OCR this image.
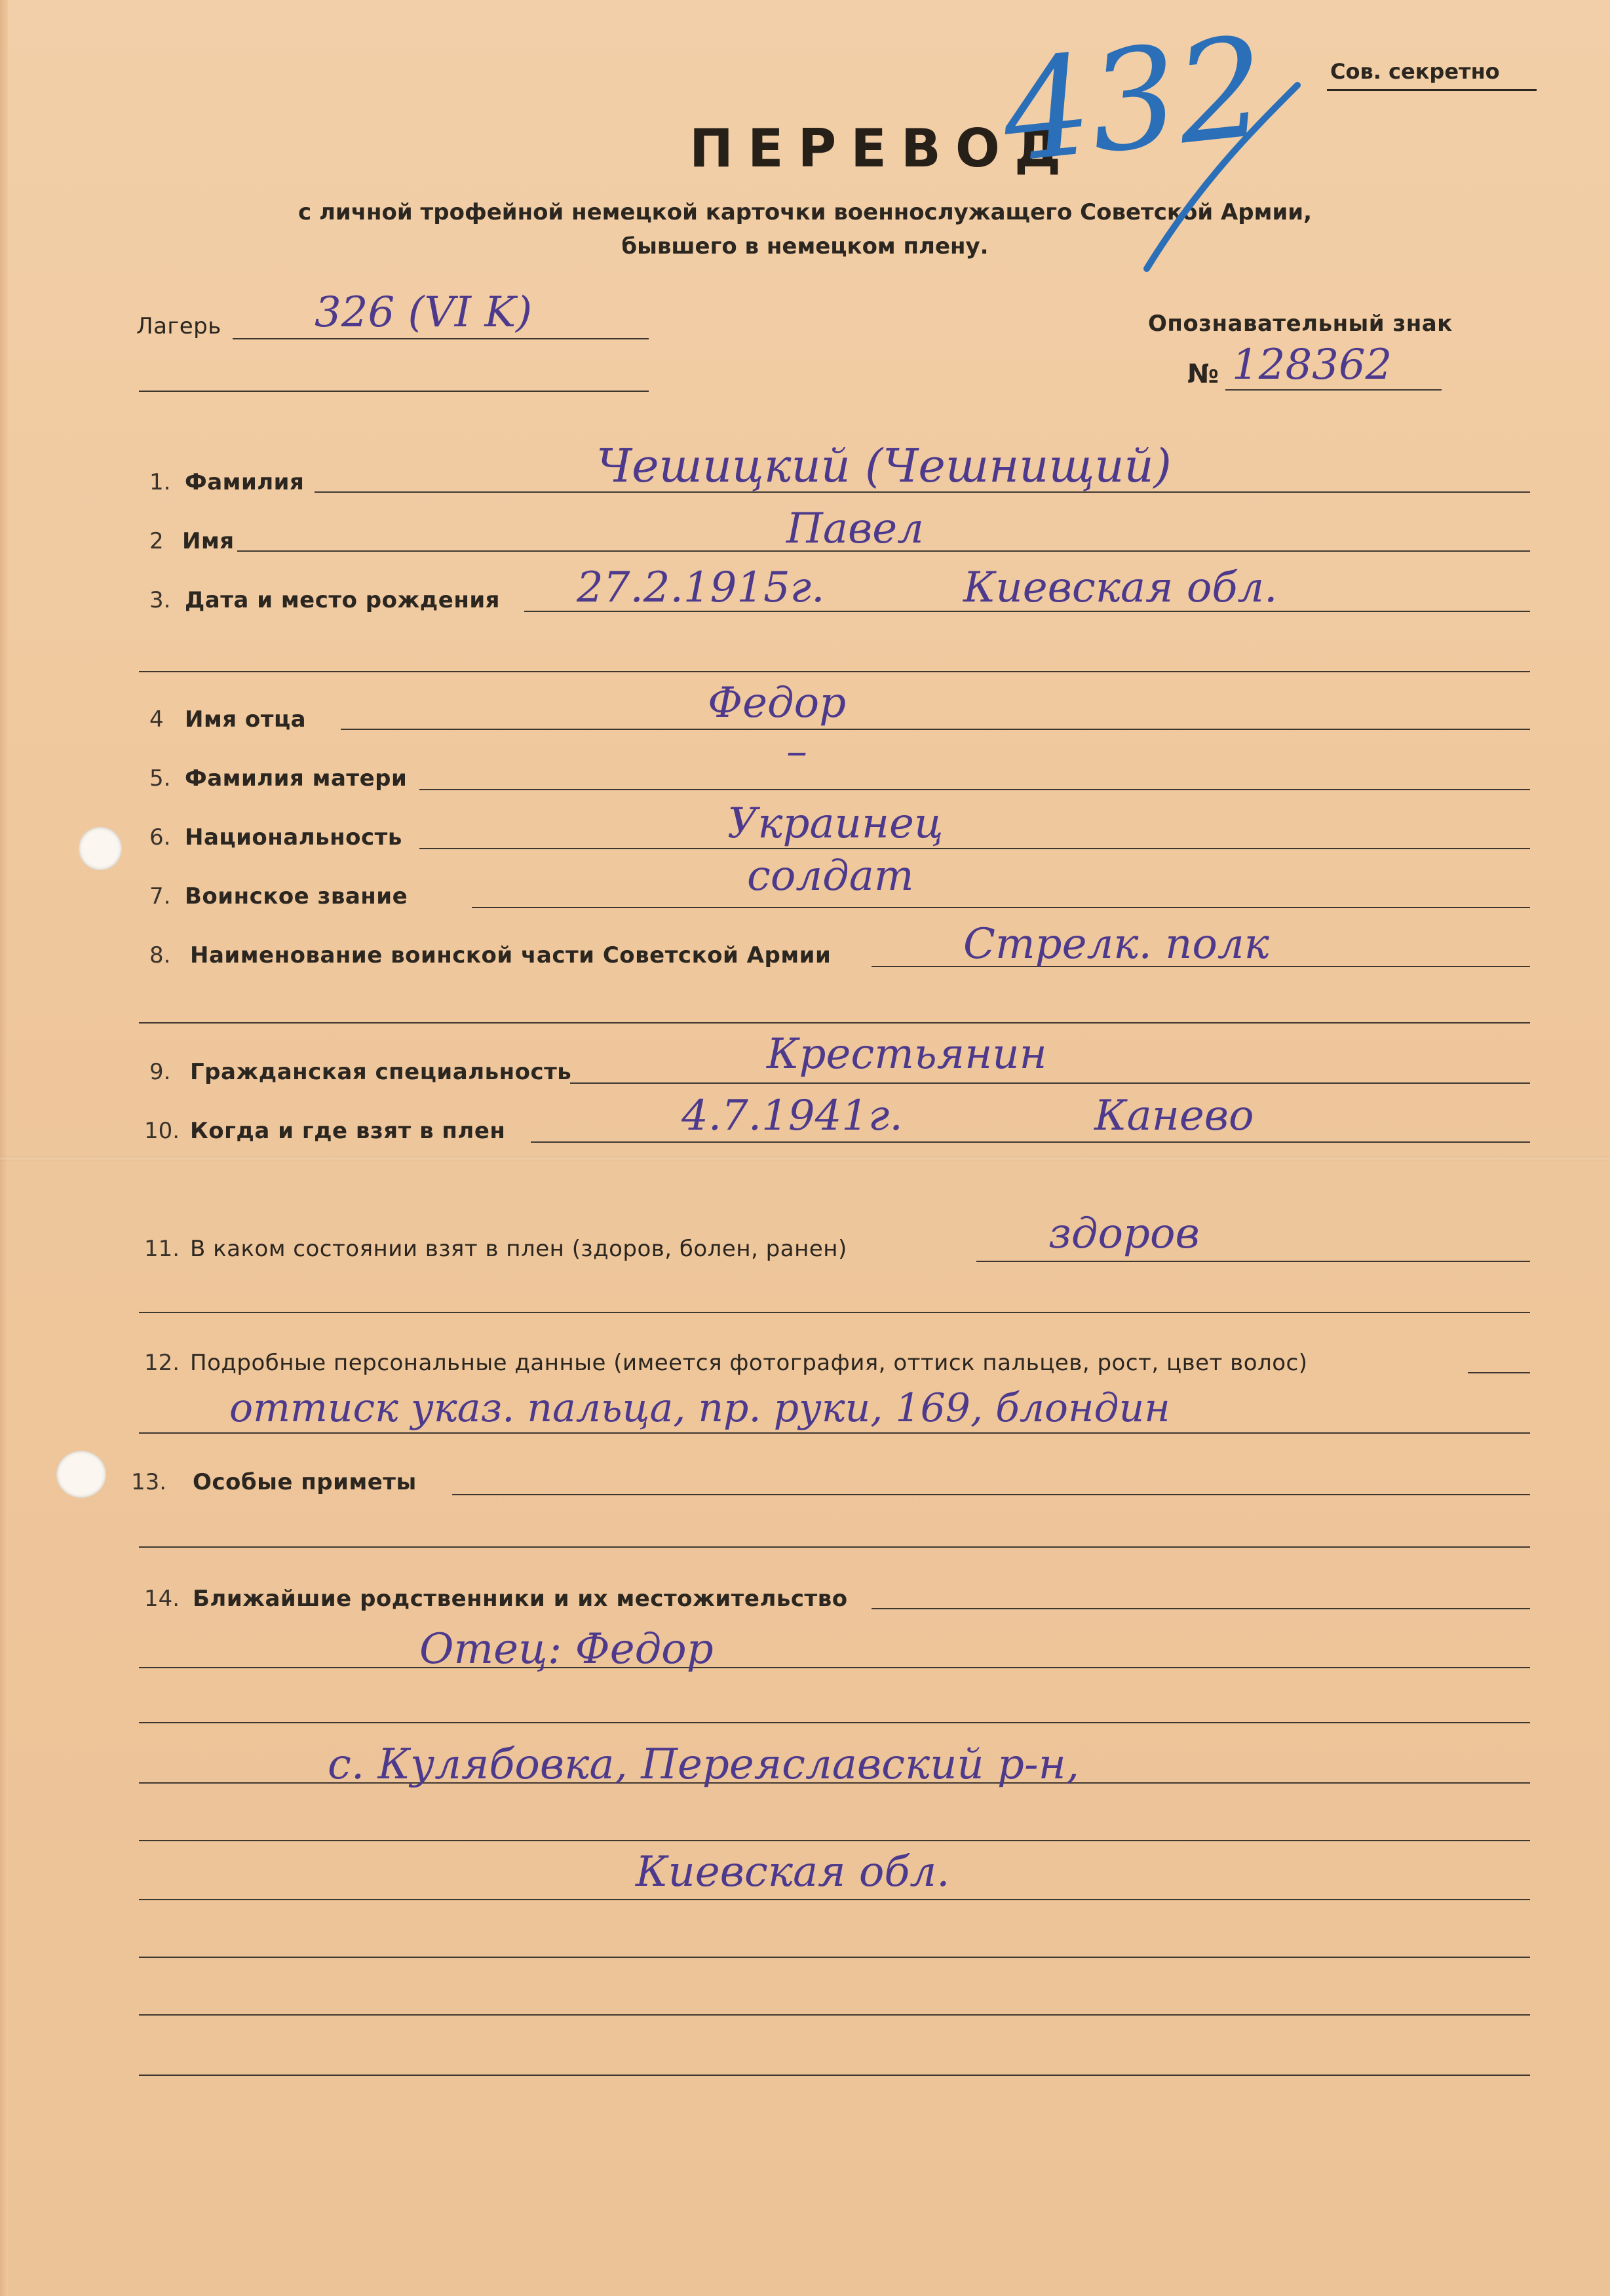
Сов. секретно
ПЕРЕВОД
с личной трофейной немецкой карточки военнослужащего Советской Армии,
бывшего в немецком плену.
432
Лагерь 326 (VI K)	Опознавательный знак
№ 128362
1. Фамилия	Чешицкий (Чешнищий)
2 Имя	Павел
3. Дата и место рождения 27.2.1915г.	Киевская обл.
4 Имя отца	Федор
5. Фамилия матери
–
6. Национальность	Украинец
7. Воинское звание	солдат
8. Наименование воинской части Советской Армии	Стрелк. полк
9. Гражданская специальность	Крестьянин
10. Когда и где взят в плен	4.7.1941г.	Канево
11. В каком состоянии взят в плен (здоров, болен, ранен)	здоров
12. Подробные персональные данные (имеется фотография, оттиск пальцев, рост, цвет волос)
оттиск указ. пальца, пр. руки, 169, блондин
13. Особые приметы
14. Ближайшие родственники и их местожительство
Отец: Федор
с. Кулябовка, Переяславский р-н,
Киевская обл.
